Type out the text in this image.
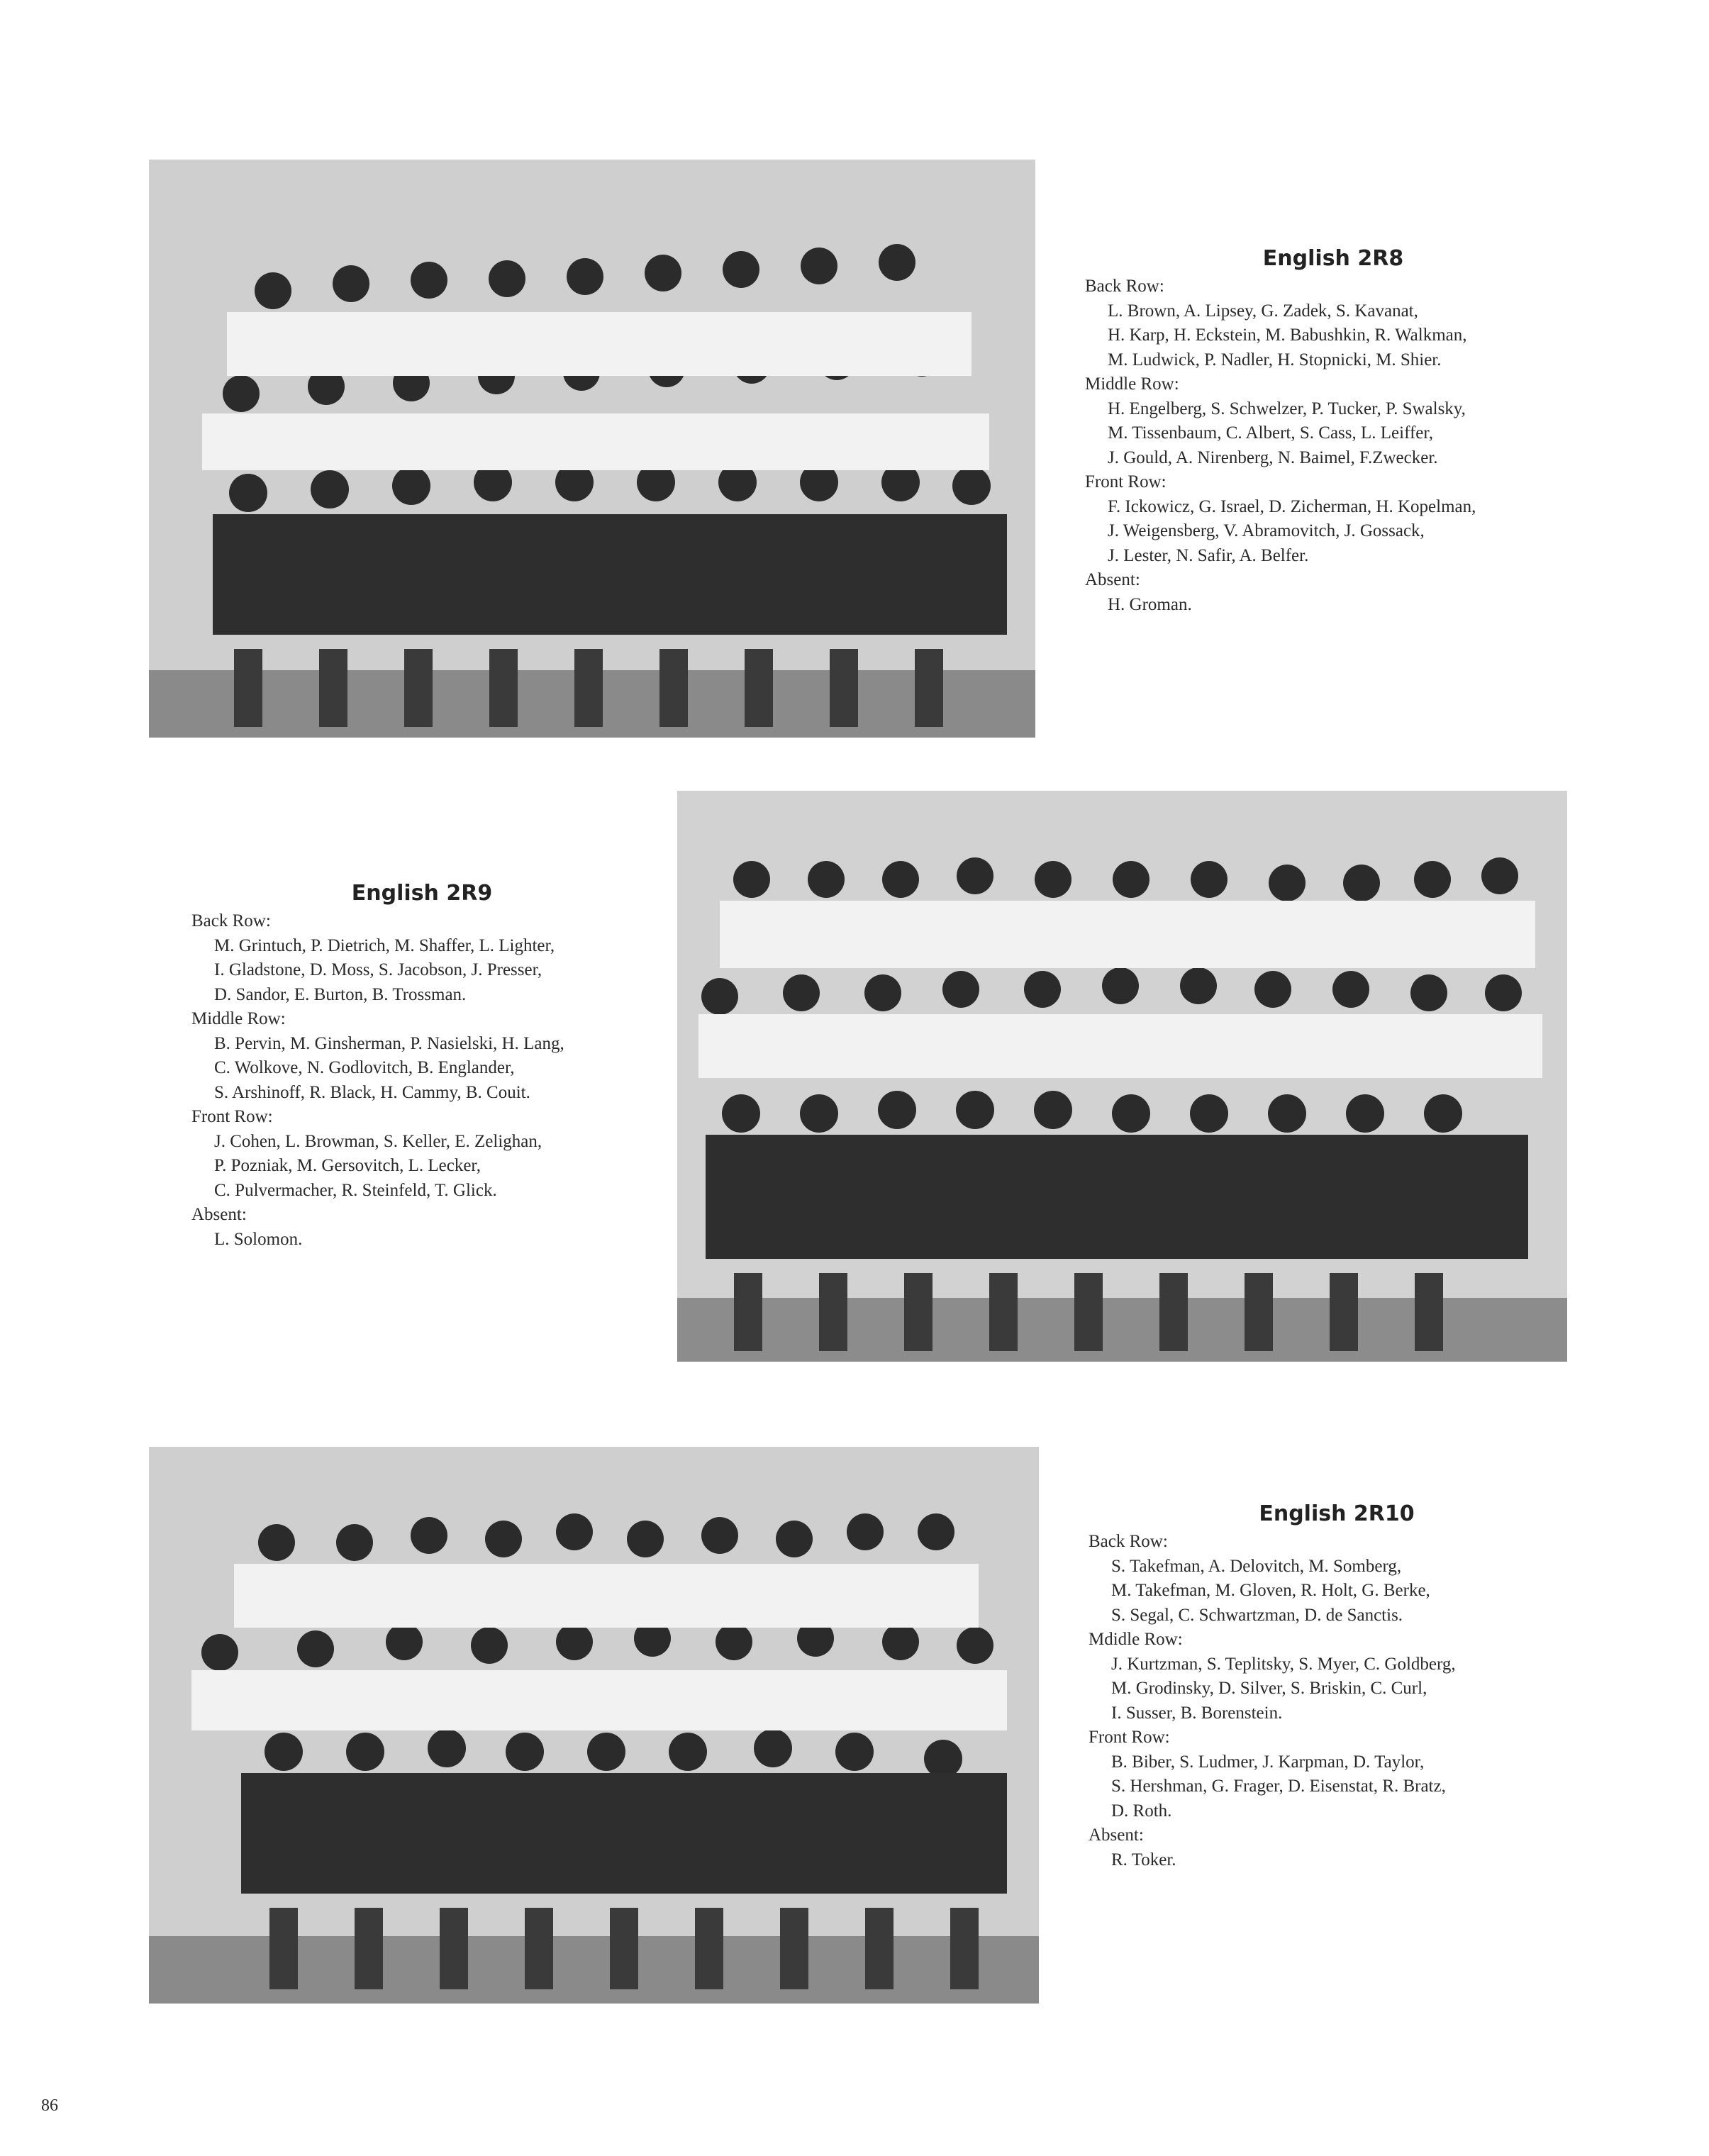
English 2R8
Back Row:
L. Brown, A. Lipsey, G. Zadek, S. Kavanat,
H. Karp, H. Eckstein, M. Babushkin, R. Walkman,
M. Ludwick, P. Nadler, H. Stopnicki, M. Shier.
Middle Row:
H. Engelberg, S. Schwelzer, P. Tucker, P. Swalsky,
M. Tissenbaum, C. Albert, S. Cass, L. Leiffer,
J. Gould, A. Nirenberg, N. Baimel, F.Zwecker.
Front Row:
F. Ickowicz, G. Israel, D. Zicherman, H. Kopelman,
J. Weigensberg, V. Abramovitch, J. Gossack,
J. Lester, N. Safir, A. Belfer.
Absent:
H. Groman.
English 2R9
Back Row:
M. Grintuch, P. Dietrich, M. Shaffer, L. Lighter,
I. Gladstone, D. Moss, S. Jacobson, J. Presser,
D. Sandor, E. Burton, B. Trossman.
Middle Row:
B. Pervin, M. Ginsherman, P. Nasielski, H. Lang,
C. Wolkove, N. Godlovitch, B. Englander,
S. Arshinoff, R. Black, H. Cammy, B. Couit.
Front Row:
J. Cohen, L. Browman, S. Keller, E. Zelighan,
P. Pozniak, M. Gersovitch, L. Lecker,
C. Pulvermacher, R. Steinfeld, T. Glick.
Absent:
L. Solomon.
English 2R10
Back Row:
S. Takefman, A. Delovitch, M. Somberg,
M. Takefman, M. Gloven, R. Holt, G. Berke,
S. Segal, C. Schwartzman, D. de Sanctis.
Mdidle Row:
J. Kurtzman, S. Teplitsky, S. Myer, C. Goldberg,
M. Grodinsky, D. Silver, S. Briskin, C. Curl,
I. Susser, B. Borenstein.
Front Row:
B. Biber, S. Ludmer, J. Karpman, D. Taylor,
S. Hershman, G. Frager, D. Eisenstat, R. Bratz,
D. Roth.
Absent:
R. Toker.
86
